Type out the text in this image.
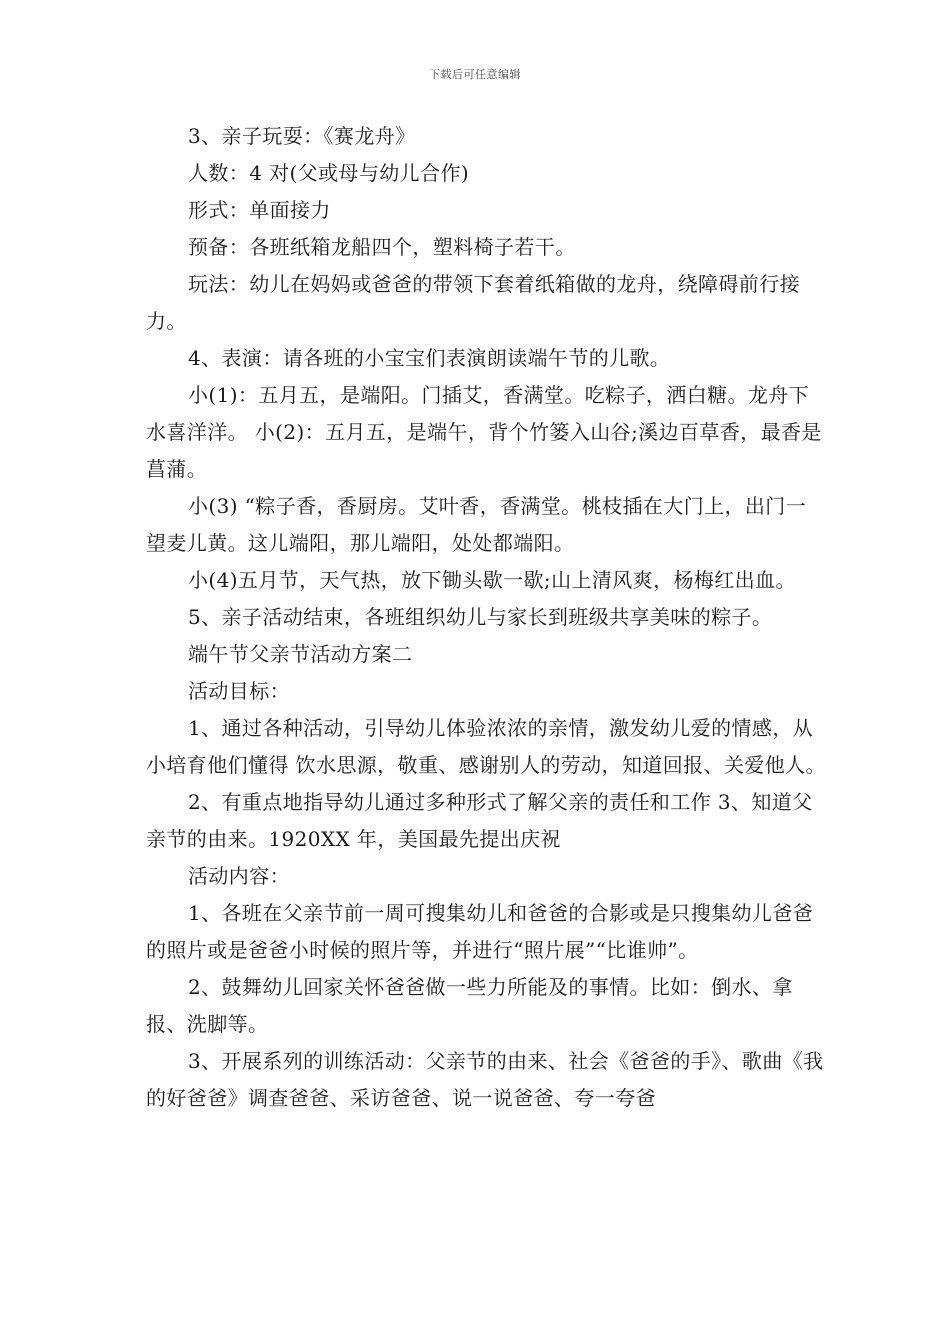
下载后可任意编辑

3、亲子玩耍：《赛龙舟》

人数：4 对(父或母与幼儿合作)

形式：单面接力

预备：各班纸箱龙船四个，塑料椅子若干。

玩法：幼儿在妈妈或爸爸的带领下套着纸箱做的龙舟，绕障碍前行接力。

4、表演：请各班的小宝宝们表演朗读端午节的儿歌。

小(1)：五月五，是端阳。门插艾，香满堂。吃粽子，洒白糖。龙舟下水喜洋洋。 小(2)：五月五，是端午，背个竹篓入山谷;溪边百草香，最香是菖蒲。

小(3) “粽子香，香厨房。艾叶香，香满堂。桃枝插在大门上，出门一望麦儿黄。这儿端阳，那儿端阳，处处都端阳。

小(4)五月节，天气热，放下锄头歇一歇;山上清风爽，杨梅红出血。

5、亲子活动结束，各班组织幼儿与家长到班级共享美味的粽子。

端午节父亲节活动方案二

活动目标：

1、通过各种活动，引导幼儿体验浓浓的亲情，激发幼儿爱的情感，从小培育他们懂得 饮水思源，敬重、感谢别人的劳动，知道回报、关爱他人。

2、有重点地指导幼儿通过多种形式了解父亲的责任和工作 3、知道父亲节的由来。1920XX 年，美国最先提出庆祝

活动内容：

1、各班在父亲节前一周可搜集幼儿和爸爸的合影或是只搜集幼儿爸爸的照片或是爸爸小时候的照片等，并进行“照片展”“比谁帅”。

2、鼓舞幼儿回家关怀爸爸做一些力所能及的事情。比如：倒水、拿报、洗脚等。

3、开展系列的训练活动：父亲节的由来、社会《爸爸的手》、歌曲《我的好爸爸》调查爸爸、采访爸爸、说一说爸爸、夸一夸爸
